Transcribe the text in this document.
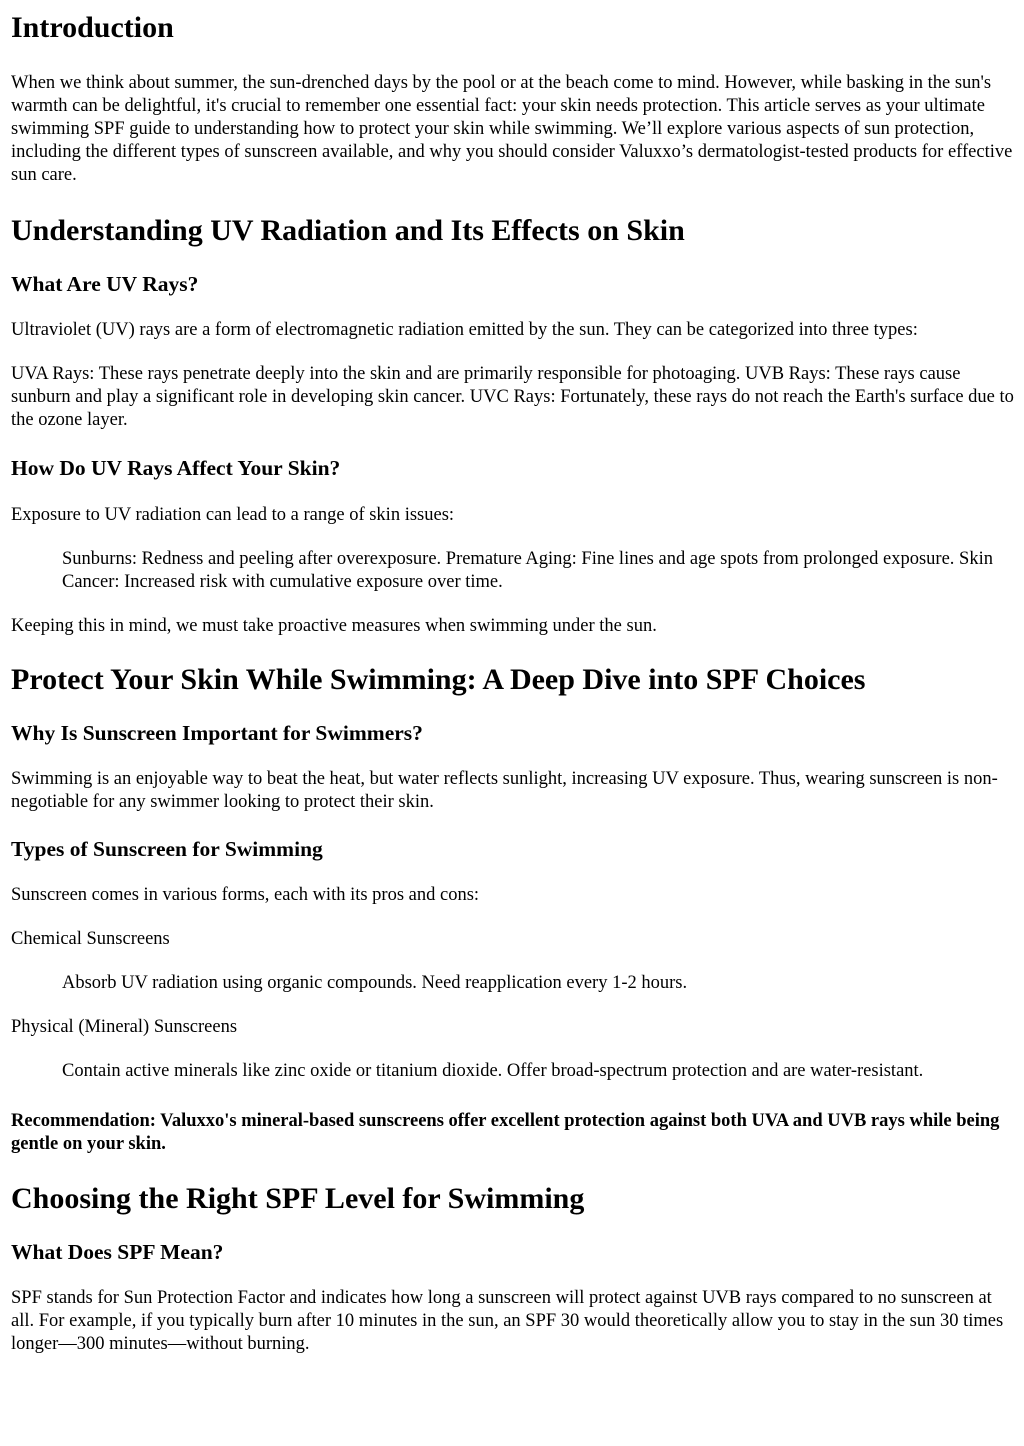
Introduction

When we think about summer, the sun-drenched days by the pool or at the beach come to mind. However, while basking in the sun's warmth can be delightful, it's crucial to remember one essential fact: your skin needs protection. This article serves as your ultimate swimming SPF guide to understanding how to protect your skin while swimming. We’ll explore various aspects of sun protection, including the different types of sunscreen available, and why you should consider Valuxxo’s dermatologist-tested products for effective sun care.

Understanding UV Radiation and Its Effects on Skin
What Are UV Rays?

Ultraviolet (UV) rays are a form of electromagnetic radiation emitted by the sun. They can be categorized into three types:

UVA Rays: These rays penetrate deeply into the skin and are primarily responsible for photoaging. UVB Rays: These rays cause sunburn and play a significant role in developing skin cancer. UVC Rays: Fortunately, these rays do not reach the Earth's surface due to the ozone layer.

How Do UV Rays Affect Your Skin?

Exposure to UV radiation can lead to a range of skin issues:

Sunburns: Redness and peeling after overexposure. Premature Aging: Fine lines and age spots from prolonged exposure. Skin Cancer: Increased risk with cumulative exposure over time.

Keeping this in mind, we must take proactive measures when swimming under the sun.

Protect Your Skin While Swimming: A Deep Dive into SPF Choices
Why Is Sunscreen Important for Swimmers?

Swimming is an enjoyable way to beat the heat, but water reflects sunlight, increasing UV exposure. Thus, wearing sunscreen is non-negotiable for any swimmer looking to protect their skin.

Types of Sunscreen for Swimming

Sunscreen comes in various forms, each with its pros and cons:

Chemical Sunscreens

Absorb UV radiation using organic compounds. Need reapplication every 1-2 hours.

Physical (Mineral) Sunscreens

Contain active minerals like zinc oxide or titanium dioxide. Offer broad-spectrum protection and are water-resistant.

Recommendation: Valuxxo's mineral-based sunscreens offer excellent protection against both UVA and UVB rays while being gentle on your skin.

Choosing the Right SPF Level for Swimming
What Does SPF Mean?

SPF stands for Sun Protection Factor and indicates how long a sunscreen will protect against UVB rays compared to no sunscreen at all. For example, if you typically burn after 10 minutes in the sun, an SPF 30 would theoretically allow you to stay in the sun 30 times longer—300 minutes—without burning.
